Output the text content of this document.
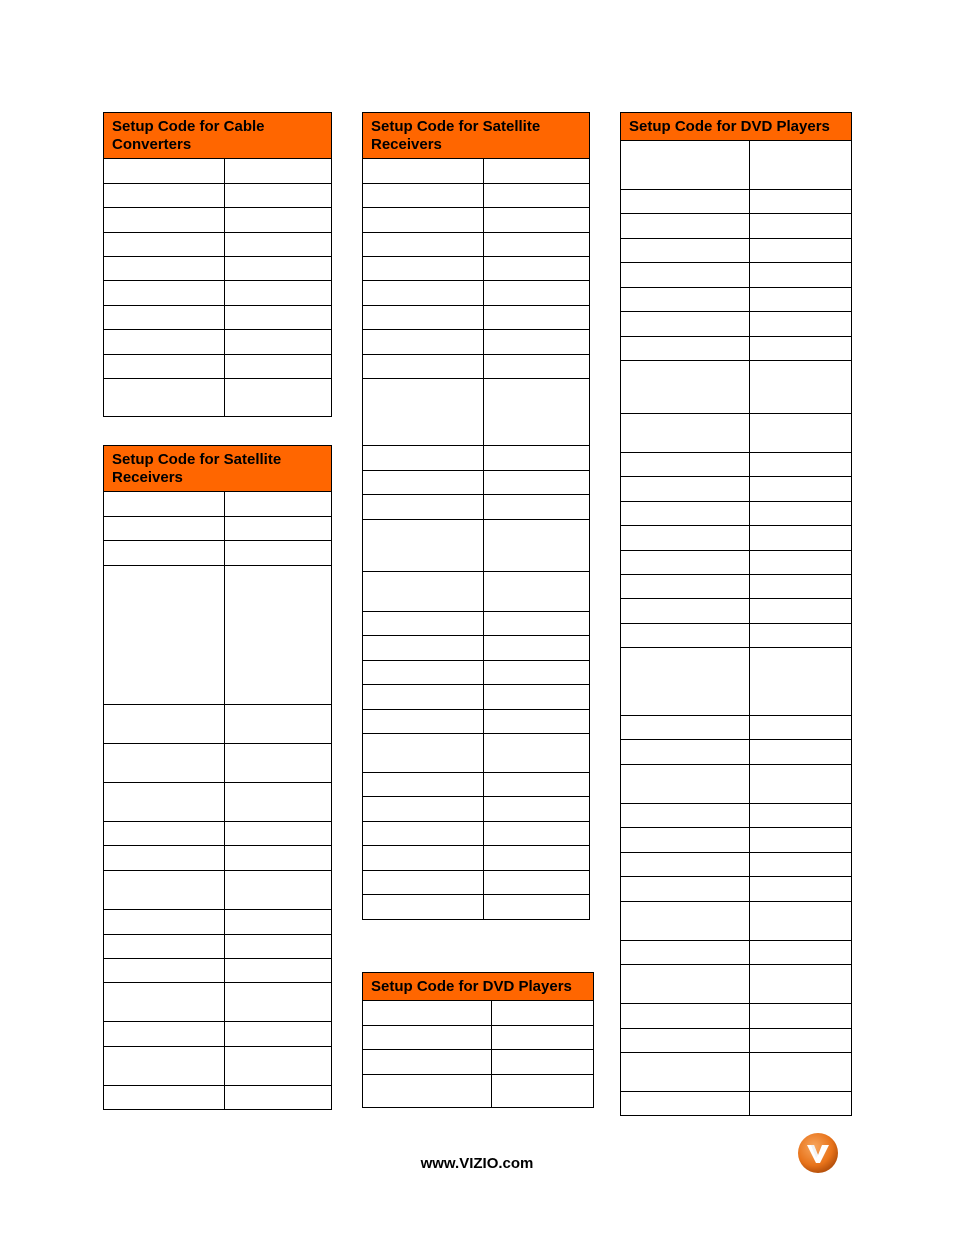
Setup Code for Cable Converters	

Setup Code for Satellite Receivers	

Setup Code for Satellite Receivers	

Setup Code for DVD Players	

Setup Code for DVD Players	

www.VIZIO.com
